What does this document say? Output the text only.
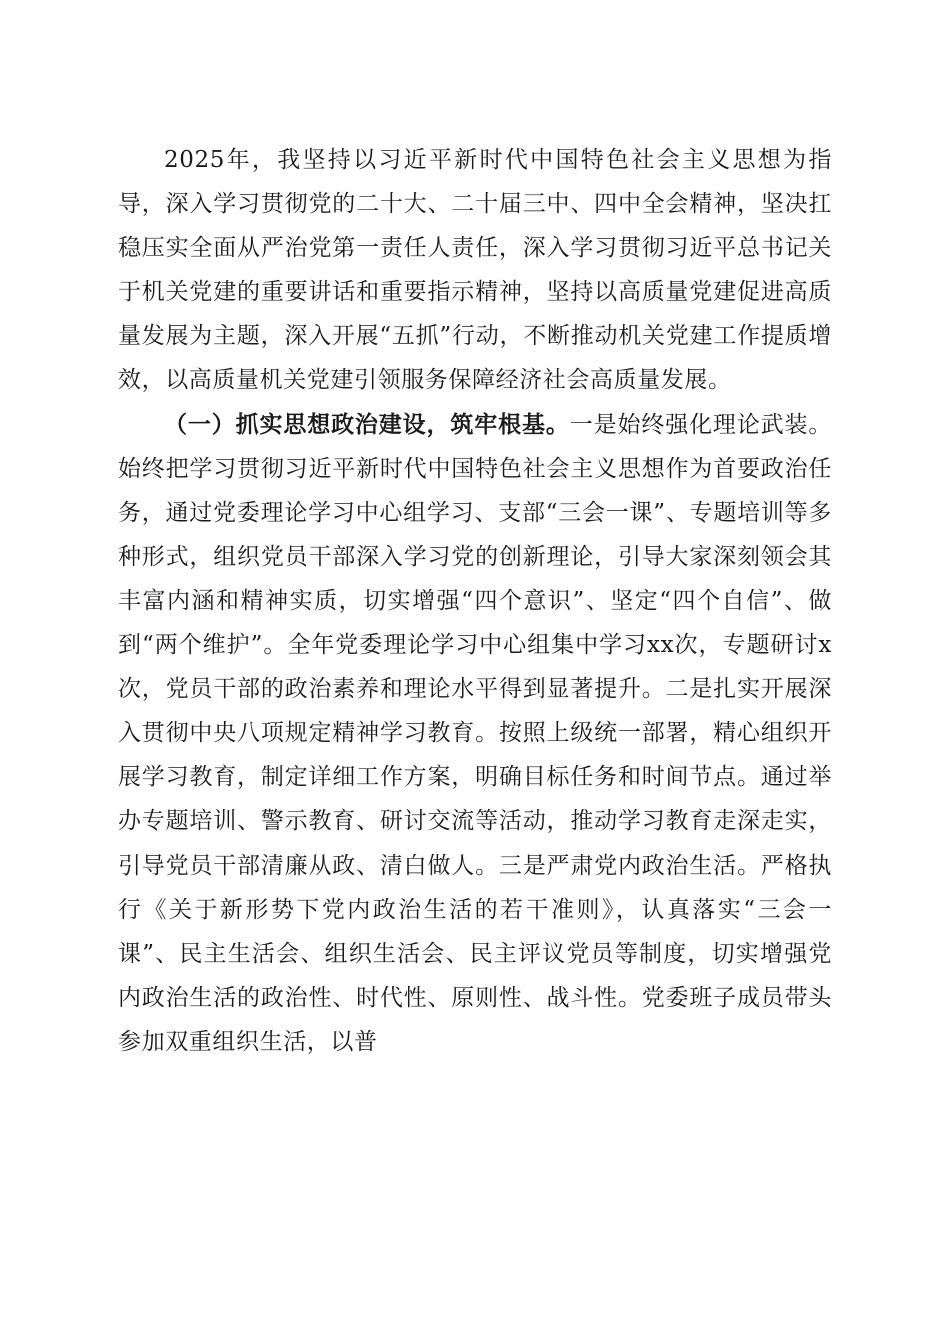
2025年，我坚持以习近平新时代中国特色社会主义思想为指导，深入学习贯彻党的二十大、二十届三中、四中全会精神，坚决扛稳压实全面从严治党第一责任人责任，深入学习贯彻习近平总书记关于机关党建的重要讲话和重要指示精神，坚持以高质量党建促进高质量发展为主题，深入开展“五抓”行动，不断推动机关党建工作提质增效，以高质量机关党建引领服务保障经济社会高质量发展。

（一）抓实思想政治建设，筑牢根基。一是始终强化理论武装。始终把学习贯彻习近平新时代中国特色社会主义思想作为首要政治任务，通过党委理论学习中心组学习、支部“三会一课”、专题培训等多种形式，组织党员干部深入学习党的创新理论，引导大家深刻领会其丰富内涵和精神实质，切实增强“四个意识”、坚定“四个自信”、做到“两个维护”。全年党委理论学习中心组集中学习xx次，专题研讨x次，党员干部的政治素养和理论水平得到显著提升。二是扎实开展深入贯彻中央八项规定精神学习教育。按照上级统一部署，精心组织开展学习教育，制定详细工作方案，明确目标任务和时间节点。通过举办专题培训、警示教育、研讨交流等活动，推动学习教育走深走实，引导党员干部清廉从政、清白做人。三是严肃党内政治生活。严格执行《关于新形势下党内政治生活的若干准则》，认真落实“三会一课”、民主生活会、组织生活会、民主评议党员等制度，切实增强党内政治生活的政治性、时代性、原则性、战斗性。党委班子成员带头参加双重组织生活，以普
